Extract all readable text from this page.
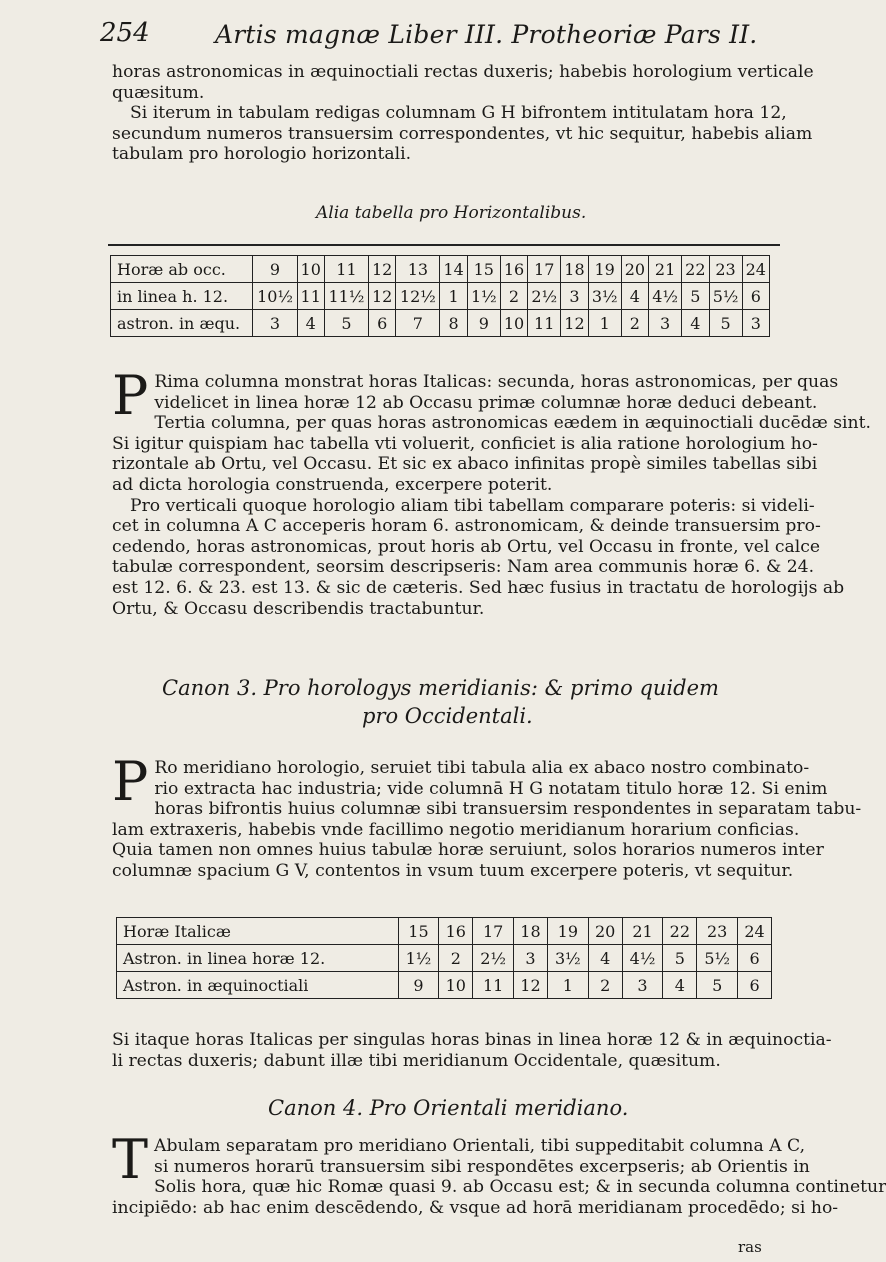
254	Artis magnæ Liber III. Protheoriæ Pars II.
horas astronomicas in æquinoctiali rectas duxeris; habebis horologium verticale
quæsitum.
Si iterum in tabulam redigas columnam G H bifrontem intitulatam hora 12,
secundum numeros transuersim correspondentes, vt hic sequitur, habebis aliam
tabulam pro horologio horizontali.
Alia tabella pro Horizontalibus.
Horæ ab occ.	9	10	11	12	13	14	15	16	17	18	19	20	21	22	23	24
in linea h. 12.	10½	11	11½	12	12½	1	1½	2	2½	3	3½	4	4½	5	5½	6
astron. in æqu.	3	4	5	6	7	8	9	10	11	12	1	2	3	4	5	3
P Rima columna monstrat horas Italicas: secunda, horas astronomicas, per quas
videlicet in linea horæ 12 ab Occasu primæ columnæ horæ deduci debeant.
Tertia columna, per quas horas astronomicas eædem in æquinoctiali ducēdæ sint.
Si igitur quispiam hac tabella vti voluerit, conficiet is alia ratione horologium ho-
rizontale ab Ortu, vel Occasu. Et sic ex abaco infinitas propè similes tabellas sibi
ad dicta horologia construenda, excerpere poterit.
Pro verticali quoque horologio aliam tibi tabellam comparare poteris: si videli-
cet in columna A C acceperis horam 6. astronomicam, & deinde transuersim pro-
cedendo, horas astronomicas, prout horis ab Ortu, vel Occasu in fronte, vel calce
tabulæ correspondent, seorsim descripseris: Nam area communis horæ 6. & 24.
est 12. 6. & 23. est 13. & sic de cæteris. Sed hæc fusius in tractatu de horologijs ab
Ortu, & Occasu describendis tractabuntur.
Canon 3. Pro horologys meridianis: & primo quidem
pro Occidentali.
P Ro meridiano horologio, seruiet tibi tabula alia ex abaco nostro combinato-
rio extracta hac industria; vide columnā H G notatam titulo horæ 12. Si enim
horas bifrontis huius columnæ sibi transuersim respondentes in separatam tabu-
lam extraxeris, habebis vnde facillimo negotio meridianum horarium conficias.
Quia tamen non omnes huius tabulæ horæ seruiunt, solos horarios numeros inter
columnæ spacium G V, contentos in vsum tuum excerpere poteris, vt sequitur.
Horæ Italicæ	15	16	17	18	19	20	21	22	23	24
Astron. in linea horæ 12.	1½	2	2½	3	3½	4	4½	5	5½	6
Astron. in æquinoctiali	9	10	11	12	1	2	3	4	5	6
Si itaque horas Italicas per singulas horas binas in linea horæ 12 & in æquinoctia-
li rectas duxeris; dabunt illæ tibi meridianum Occidentale, quæsitum.
Canon 4. Pro Orientali meridiano.
T Abulam separatam pro meridiano Orientali, tibi suppeditabit columna A C,
si numeros horarū transuersim sibi respondētes excerpseris; ab Orientis in
Solis hora, quæ hic Romæ quasi 9. ab Occasu est; & in secunda columna continetur
incipiēdo: ab hac enim descēdendo, & vsque ad horā meridianam procedēdo; si ho-
ras
